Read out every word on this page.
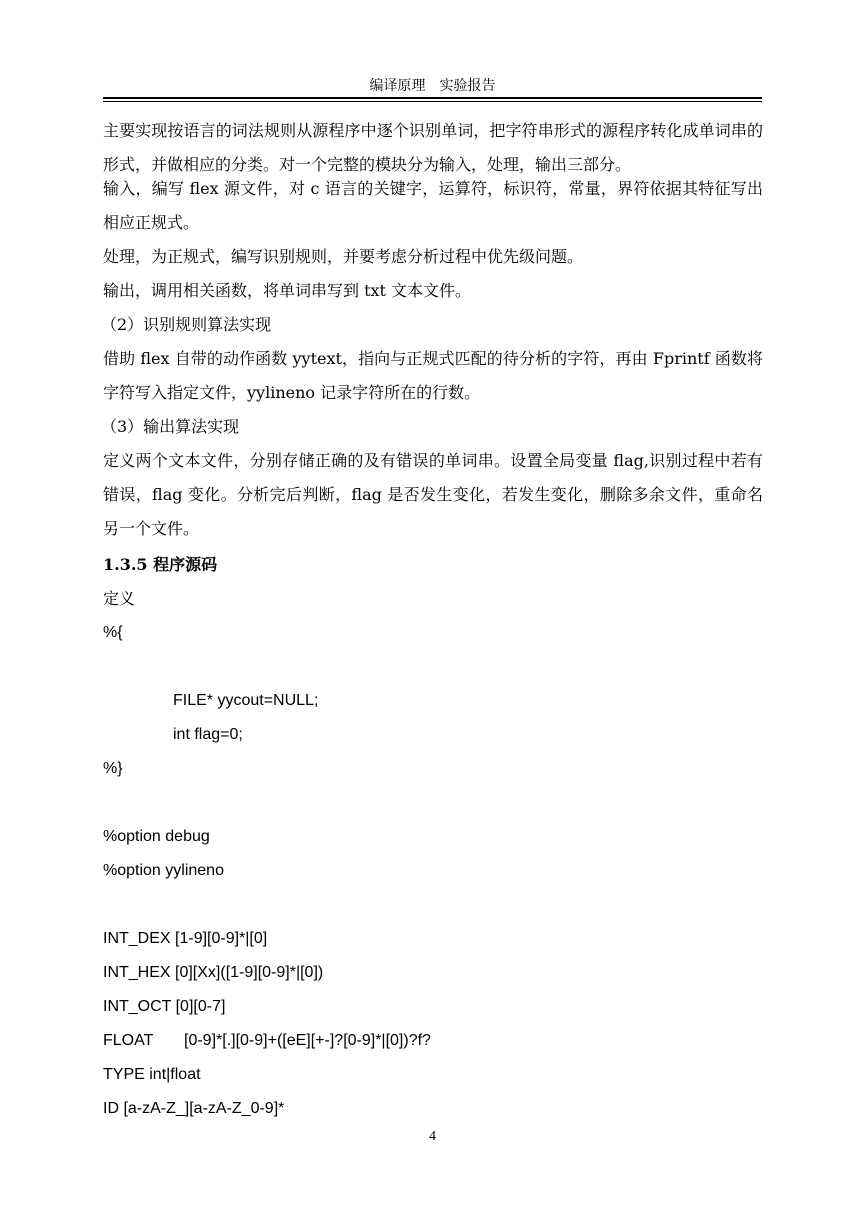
编译原理　实验报告
主要实现按语言的词法规则从源程序中逐个识别单词，把字符串形式的源程序转化成单词串的形式，并做相应的分类。对一个完整的模块分为输入，处理，输出三部分。
输入，编写 flex 源文件，对 c 语言的关键字，运算符，标识符，常量，界符依据其特征写出相应正规式。
处理，为正规式，编写识别规则，并要考虑分析过程中优先级问题。
输出，调用相关函数，将单词串写到 txt 文本文件。
（2）识别规则算法实现
借助 flex 自带的动作函数 yytext，指向与正规式匹配的待分析的字符，再由 Fprintf 函数将字符写入指定文件，yylineno 记录字符所在的行数。
（3）输出算法实现
定义两个文本文件，分别存储正确的及有错误的单词串。设置全局变量 flag,识别过程中若有错误，flag 变化。分析完后判断，flag 是否发生变化，若发生变化，删除多余文件，重命名另一个文件。
1.3.5 程序源码
定义
%{
FILE* yycout=NULL;
int flag=0;
%}
%option debug
%option yylineno
INT_DEX [1-9][0-9]*|[0]
INT_HEX [0][Xx]([1-9][0-9]*|[0])
INT_OCT [0][0-7]
FLOAT [0-9]*[.][0-9]+([eE][+-]?[0-9]*|[0])?f?
TYPE int|float
ID [a-zA-Z_][a-zA-Z_0-9]*
4
